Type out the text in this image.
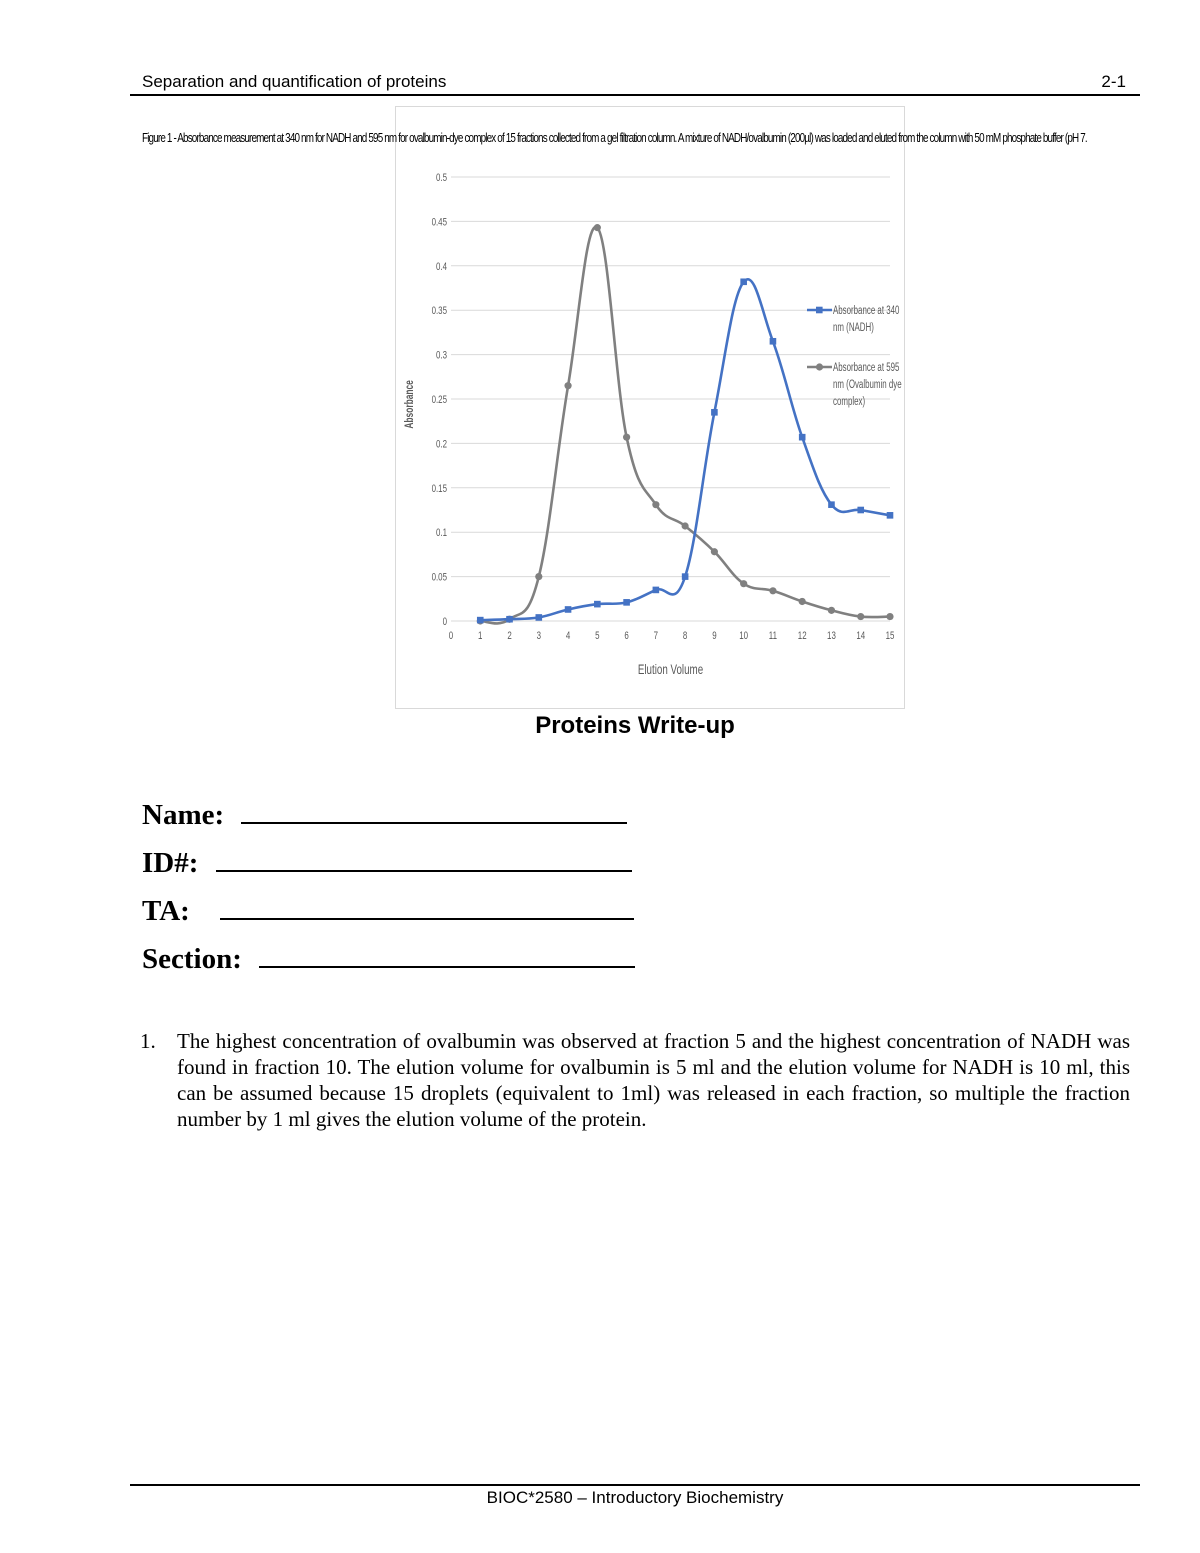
Separation and quantification of proteins	2-1
Figure 1 - Absorbance measurement at 340 nm for NADH and 595 nm for ovalbumin-dye complex of 15 fractions collected from a gel filtration column. A mixture of NADH/ovalbumin (200µl) was loaded and eluted from the column with 50 mM phosphate buffer (pH 7.
0
0.05
0.1
0.15
0.2
0.25
0.3
0.35
0.4
0.45
0.5
0 1 2 3 4 5 6 7 8 9 10 11 12 13 14 15
Elution Volume
Absorbance
Absorbance at 340
nm (NADH)
Absorbance at 595
nm (Ovalbumin dye
complex)
Proteins Write-up
Name:
ID#:
TA:
Section:
1. The highest concentration of ovalbumin was observed at fraction 5 and the highest concentration of NADH was found in fraction 10. The elution volume for ovalbumin is 5 ml and the elution volume for NADH is 10 ml, this can be assumed because 15 droplets (equivalent to 1ml) was released in each fraction, so multiple the fraction number by 1 ml gives the elution volume of the protein.
BIOC*2580 – Introductory Biochemistry
